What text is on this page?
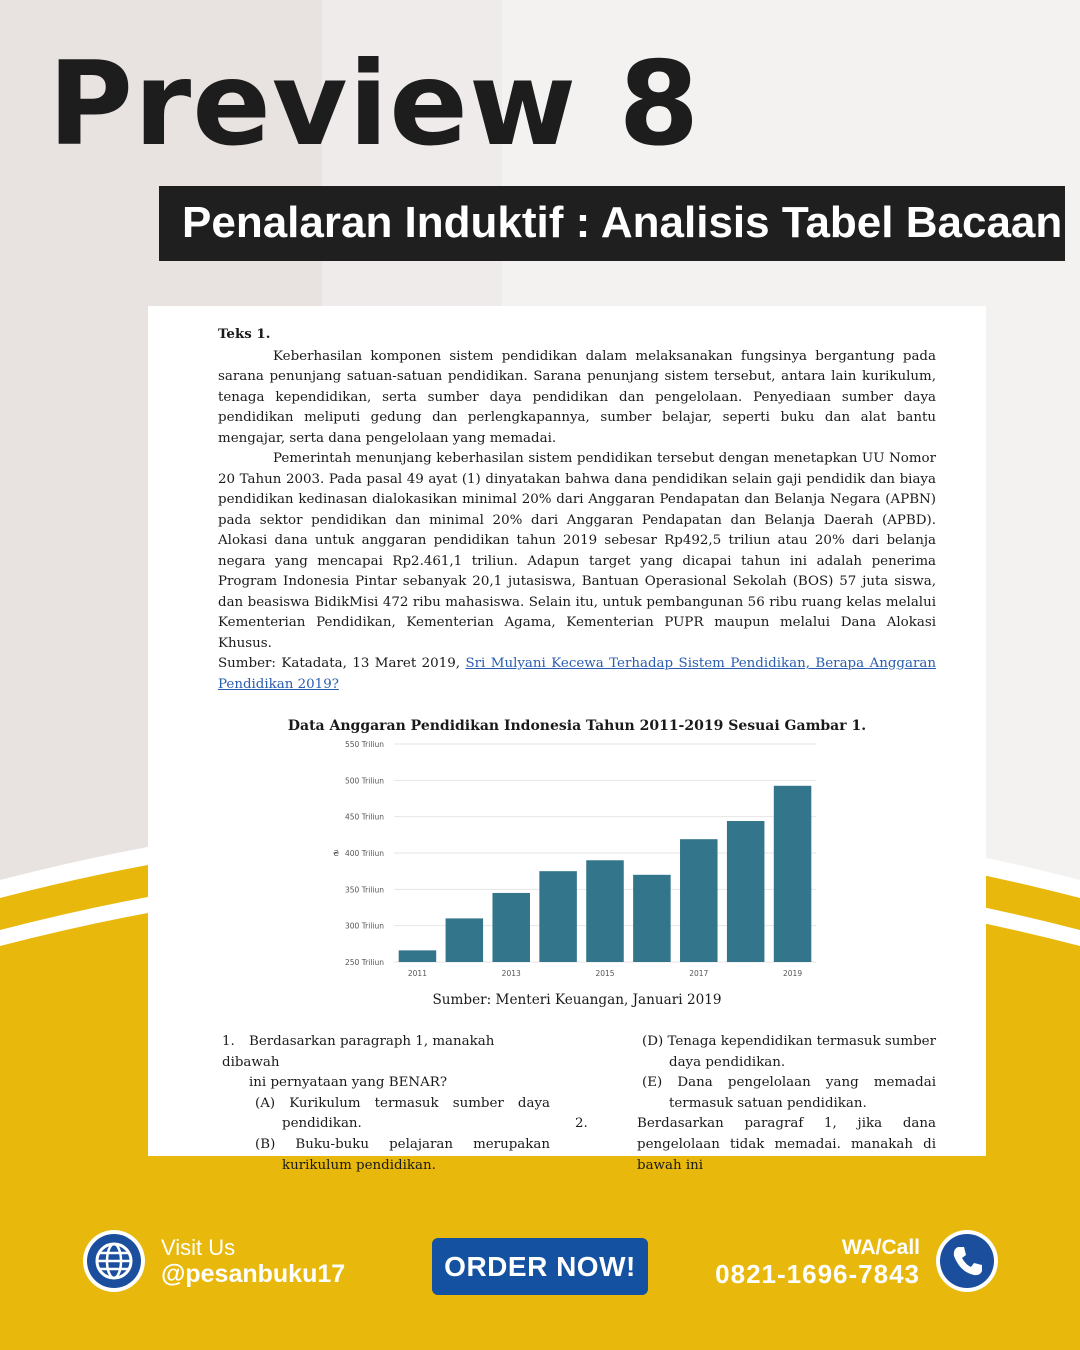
Preview 8

Penalaran Induktif : Analisis Tabel Bacaan

Teks 1.

Keberhasilan komponen sistem pendidikan dalam melaksanakan fungsinya bergantung pada sarana penunjang satuan-satuan pendidikan. Sarana penunjang sistem tersebut, antara lain kurikulum, tenaga kependidikan, serta sumber daya pendidikan dan pengelolaan. Penyediaan sumber daya pendidikan meliputi gedung dan perlengkapannya, sumber belajar, seperti buku dan alat bantu mengajar, serta dana pengelolaan yang memadai.

Pemerintah menunjang keberhasilan sistem pendidikan tersebut dengan menetapkan UU Nomor 20 Tahun 2003. Pada pasal 49 ayat (1) dinyatakan bahwa dana pendidikan selain gaji pendidik dan biaya pendidikan kedinasan dialokasikan minimal 20% dari Anggaran Pendapatan dan Belanja Negara (APBN) pada sektor pendidikan dan minimal 20% dari Anggaran Pendapatan dan Belanja Daerah (APBD). Alokasi dana untuk anggaran pendidikan tahun 2019 sebesar Rp492,5 triliun atau 20% dari belanja negara yang mencapai Rp2.461,1 triliun. Adapun target yang dicapai tahun ini adalah penerima Program Indonesia Pintar sebanyak 20,1 jutasiswa, Bantuan Operasional Sekolah (BOS) 57 juta siswa, dan beasiswa BidikMisi 472 ribu mahasiswa. Selain itu, untuk pembangunan 56 ribu ruang kelas melalui Kementerian Pendidikan, Kementerian Agama, Kementerian PUPR maupun melalui Dana Alokasi Khusus.

Sumber: Katadata, 13 Maret 2019, Sri Mulyani Kecewa Terhadap Sistem Pendidikan, Berapa Anggaran Pendidikan 2019?

Data Anggaran Pendidikan Indonesia Tahun 2011-2019 Sesuai Gambar 1.

550 Triliun
500 Triliun
450 Triliun
400 Triliun
350 Triliun
300 Triliun
250 Triliun
₴
2011	2013	2015	2017	2019

Sumber: Menteri Keuangan, Januari 2019

1. Berdasarkan paragraph 1, manakah dibawah

ini pernyataan yang BENAR?

(A) Kurikulum termasuk sumber daya pendidikan.

(B) Buku-buku pelajaran merupakan kurikulum pendidikan.

(D) Tenaga kependidikan termasuk sumber daya pendidikan.

(E) Dana pengelolaan yang memadai termasuk satuan pendidikan.

2.	Berdasarkan paragraf 1, jika dana pengelolaan tidak memadai. manakah di bawah ini

Visit Us
@pesanbuku17	ORDER NOW!
WA/Call
0821-1696-7843
